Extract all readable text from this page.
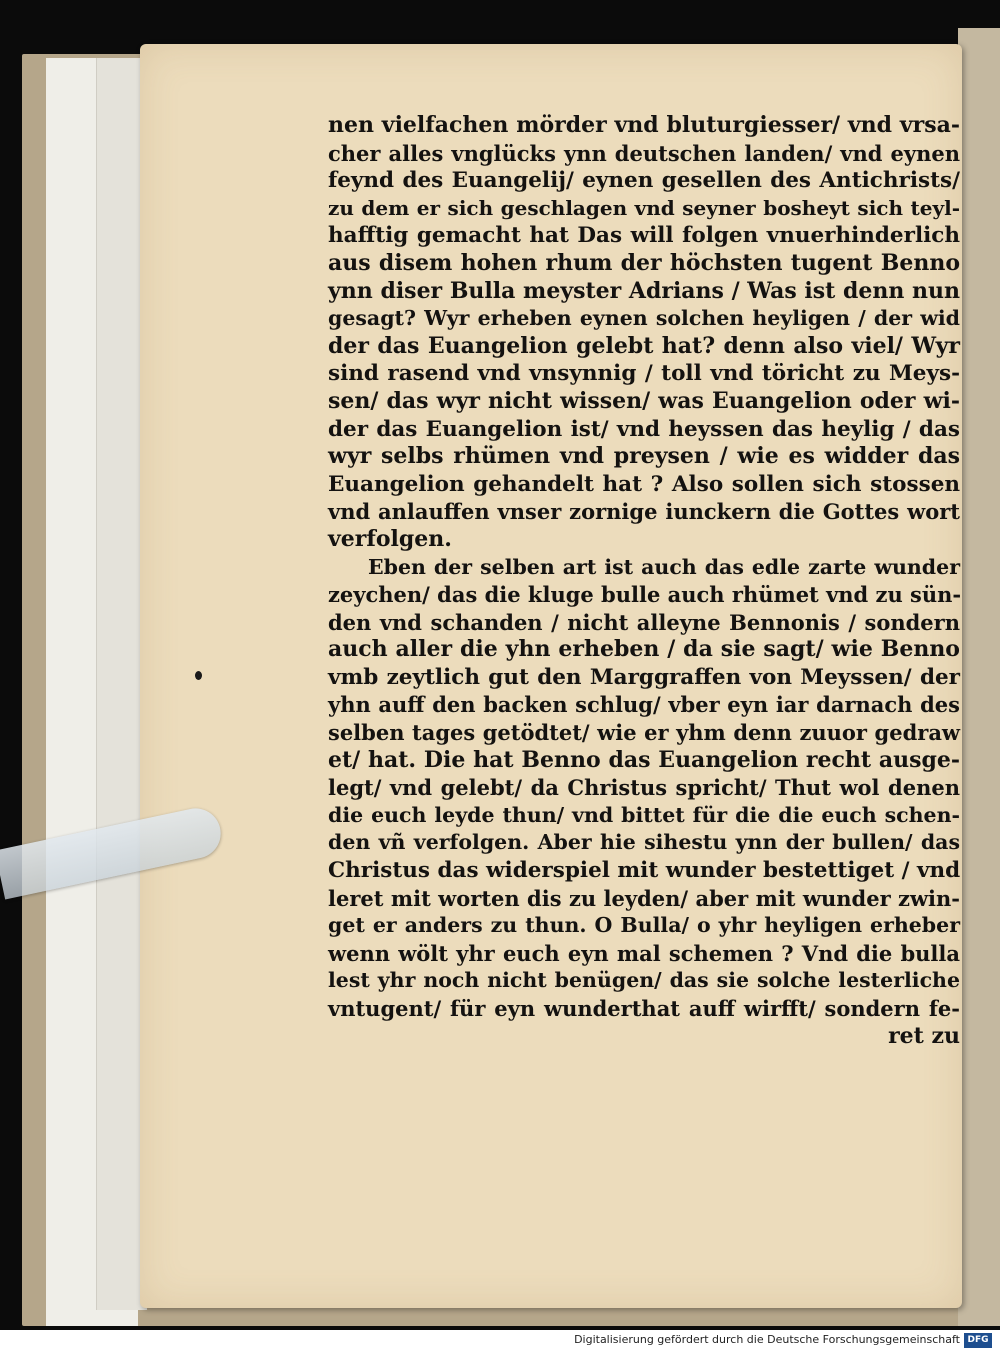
nen vielfachen mörder vnd bluturgiesser/ vnd vrsa-
cher alles vnglücks ynn deutschen landen/ vnd eynen
feynd des Euangelij/ eynen gesellen des Antichrists/
zu dem er sich geschlagen vnd seyner bosheyt sich teyl-
hafftig gemacht hat Das will folgen vnuerhinderlich
aus disem hohen rhum der höchsten tugent Benno
ynn diser Bulla meyster Adrians / Was ist denn nun
gesagt? Wyr erheben eynen solchen heyligen / der wid
der das Euangelion gelebt hat? denn also viel/ Wyr
sind rasend vnd vnsynnig / toll vnd töricht zu Meys-
sen/ das wyr nicht wissen/ was Euangelion oder wi-
der das Euangelion ist/ vnd heyssen das heylig / das
wyr selbs rhümen vnd preysen / wie es widder das
Euangelion gehandelt hat ? Also sollen sich stossen
vnd anlauffen vnser zornige iunckern die Gottes wort
verfolgen.
Eben der selben art ist auch das edle zarte wunder
zeychen/ das die kluge bulle auch rhümet vnd zu sün-
den vnd schanden / nicht alleyne Bennonis / sondern
auch aller die yhn erheben / da sie sagt/ wie Benno
vmb zeytlich gut den Marggraffen von Meyssen/ der
yhn auff den backen schlug/ vber eyn iar darnach des
selben tages getödtet/ wie er yhm denn zuuor gedraw
et/ hat. Die hat Benno das Euangelion recht ausge-
legt/ vnd gelebt/ da Christus spricht/ Thut wol denen
die euch leyde thun/ vnd bittet für die die euch schen-
den vñ verfolgen. Aber hie sihestu ynn der bullen/ das
Christus das widerspiel mit wunder bestettiget / vnd
leret mit worten dis zu leyden/ aber mit wunder zwin-
get er anders zu thun. O Bulla/ o yhr heyligen erheber
wenn wölt yhr euch eyn mal schemen ? Vnd die bulla
lest yhr noch nicht benügen/ das sie solche lesterliche
vntugent/ für eyn wunderthat auff wirfft/ sondern fe-
ret zu
Digitalisierung gefördert durch die Deutsche Forschungsgemeinschaft DFG
